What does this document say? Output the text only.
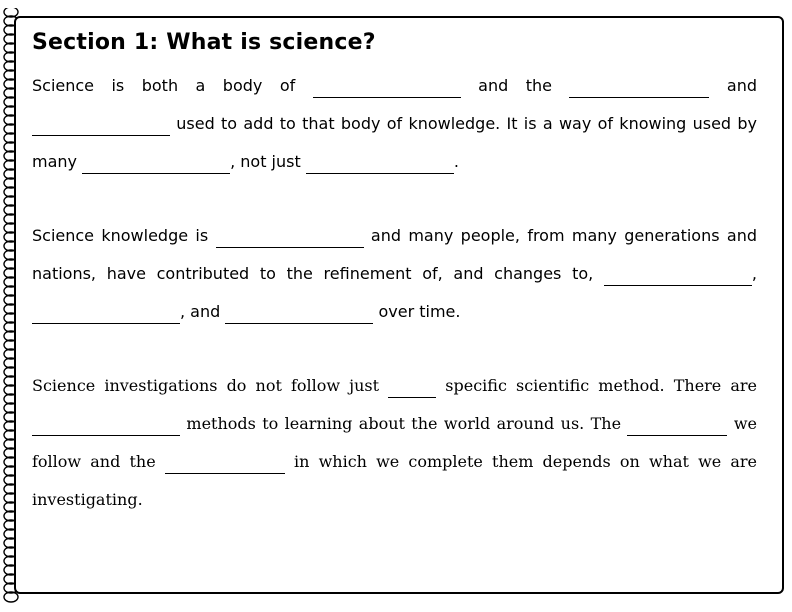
Section 1: What is science?
Science is both a body of	and the	and
used to add to that body of knowledge. It is a way of knowing used by
many	, not just	.
Science knowledge is	and many people, from many generations and
nations, have contributed to the refinement of, and changes to,	,
, and	over time.
Science investigations do not follow just	specific scientific method. There are
methods to learning about the world around us. The	we
follow and the	in which we complete them depends on what we are
investigating.
